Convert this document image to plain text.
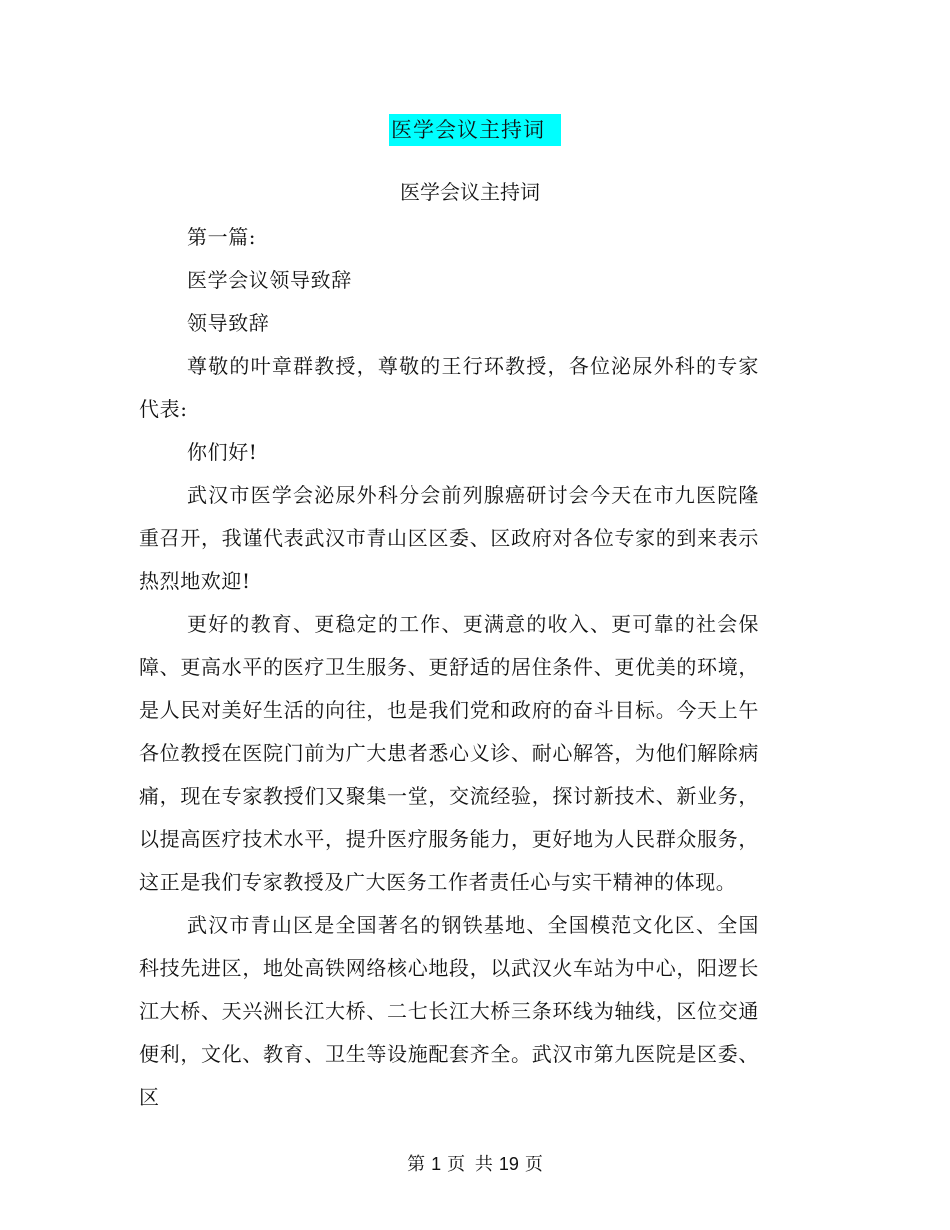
医学会议主持词
医学会议主持词

第一篇:

医学会议领导致辞

领导致辞

尊敬的叶章群教授，尊敬的王行环教授，各位泌尿外科的专家代表:

你们好!

武汉市医学会泌尿外科分会前列腺癌研讨会今天在市九医院隆重召开，我谨代表武汉市青山区区委、区政府对各位专家的到来表示热烈地欢迎!

更好的教育、更稳定的工作、更满意的收入、更可靠的社会保障、更高水平的医疗卫生服务、更舒适的居住条件、更优美的环境，是人民对美好生活的向往，也是我们党和政府的奋斗目标。今天上午各位教授在医院门前为广大患者悉心义诊、耐心解答，为他们解除病痛，现在专家教授们又聚集一堂，交流经验，探讨新技术、新业务，以提高医疗技术水平，提升医疗服务能力，更好地为人民群众服务，这正是我们专家教授及广大医务工作者责任心与实干精神的体现。

武汉市青山区是全国著名的钢铁基地、全国模范文化区、全国科技先进区，地处高铁网络核心地段，以武汉火车站为中心，阳逻长江大桥、天兴洲长江大桥、二七长江大桥三条环线为轴线，区位交通便利，文化、教育、卫生等设施配套齐全。武汉市第九医院是区委、区

第 1 页 共 19 页
